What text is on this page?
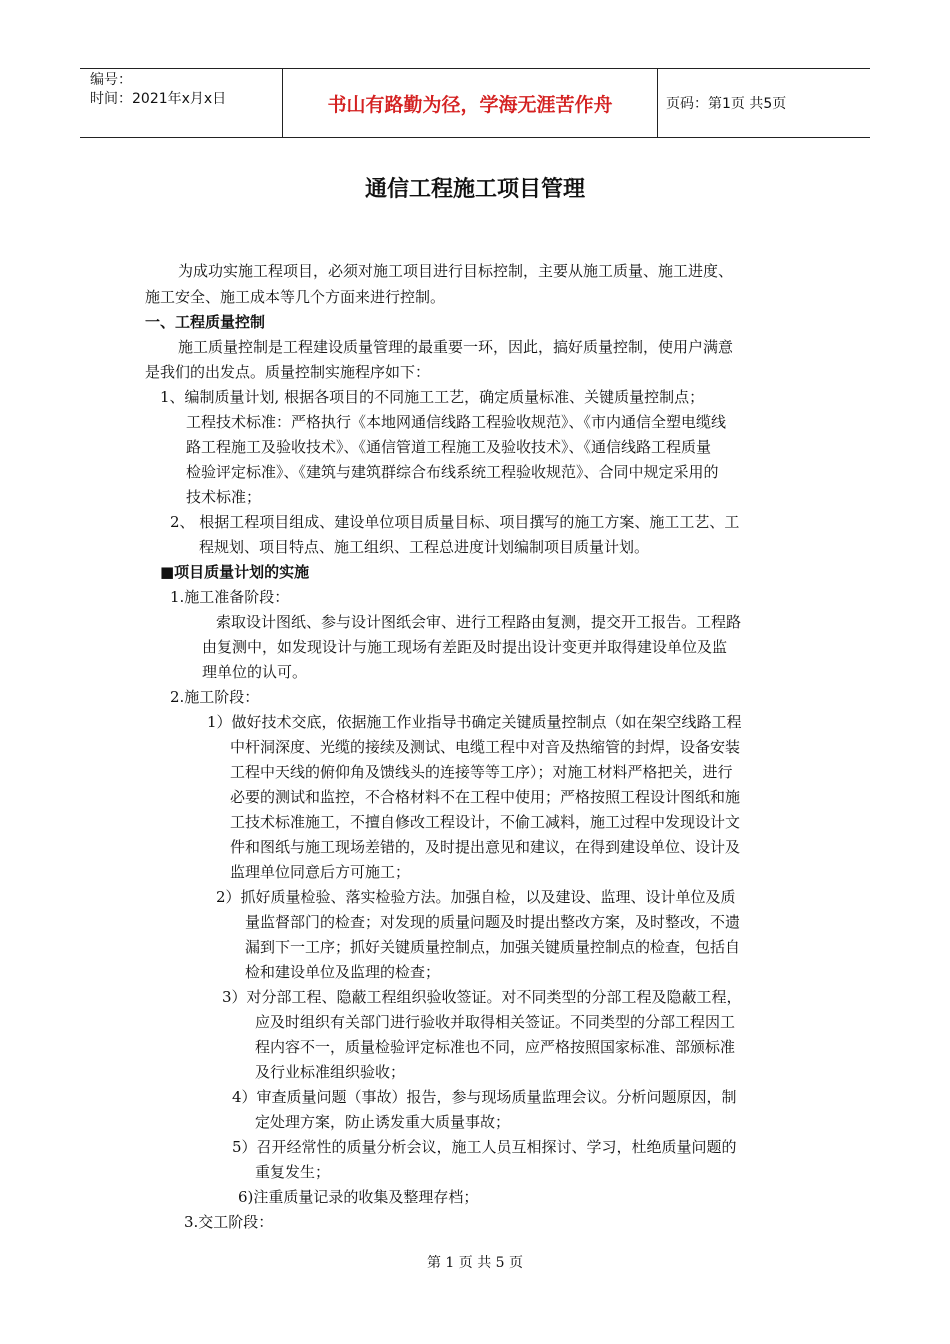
编号：
时间：2021年x月x日	书山有路勤为径，学海无涯苦作舟	页码：第1页 共5页
通信工程施工项目管理
为成功实施工程项目，必须对施工项目进行目标控制，主要从施工质量、施工进度、
施工安全、施工成本等几个方面来进行控制。
一、工程质量控制
施工质量控制是工程建设质量管理的最重要一环，因此，搞好质量控制，使用户满意
是我们的出发点。质量控制实施程序如下：
1、编制质量计划, 根据各项目的不同施工工艺，确定质量标准、关键质量控制点；
工程技术标准：严格执行《本地网通信线路工程验收规范》、《市内通信全塑电缆线
路工程施工及验收技术》、《通信管道工程施工及验收技术》、《通信线路工程质量
检验评定标准》、《建筑与建筑群综合布线系统工程验收规范》、合同中规定采用的
技术标准；
2、 根据工程项目组成、建设单位项目质量目标、项目撰写的施工方案、施工工艺、工
程规划、项目特点、施工组织、工程总进度计划编制项目质量计划。
■项目质量计划的实施
1.施工准备阶段：
索取设计图纸、参与设计图纸会审、进行工程路由复测，提交开工报告。工程路
由复测中，如发现设计与施工现场有差距及时提出设计变更并取得建设单位及监
理单位的认可。
2.施工阶段：
1）做好技术交底，依据施工作业指导书确定关键质量控制点（如在架空线路工程
中杆洞深度、光缆的接续及测试、电缆工程中对音及热缩管的封焊，设备安装
工程中天线的俯仰角及馈线头的连接等等工序）；对施工材料严格把关，进行
必要的测试和监控，不合格材料不在工程中使用；严格按照工程设计图纸和施
工技术标准施工，不擅自修改工程设计，不偷工减料，施工过程中发现设计文
件和图纸与施工现场差错的，及时提出意见和建议，在得到建设单位、设计及
监理单位同意后方可施工；
2）抓好质量检验、落实检验方法。加强自检，以及建设、监理、设计单位及质
量监督部门的检查；对发现的质量问题及时提出整改方案，及时整改，不遗
漏到下一工序；抓好关键质量控制点，加强关键质量控制点的检查，包括自
检和建设单位及监理的检查；
3）对分部工程、隐蔽工程组织验收签证。对不同类型的分部工程及隐蔽工程，
应及时组织有关部门进行验收并取得相关签证。不同类型的分部工程因工
程内容不一，质量检验评定标准也不同，应严格按照国家标准、部颁标准
及行业标准组织验收；
4）审查质量问题（事故）报告，参与现场质量监理会议。分析问题原因，制
定处理方案，防止诱发重大质量事故；
5）召开经常性的质量分析会议，施工人员互相探讨、学习，杜绝质量问题的
重复发生；
6)注重质量记录的收集及整理存档；
3.交工阶段：
第 1 页 共 5 页
